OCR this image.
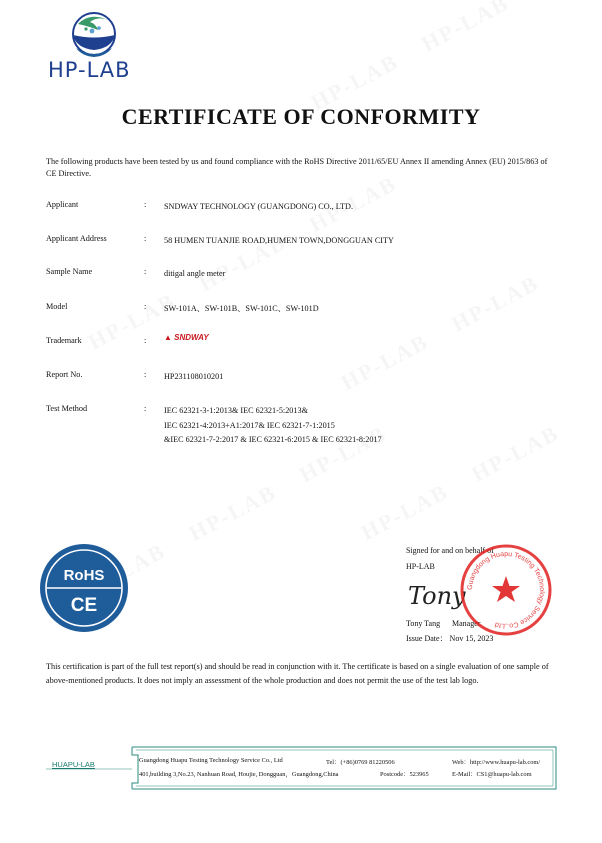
HP-LAB
CERTIFICATE OF CONFORMITY
The following products have been tested by us and found compliance with the RoHS Directive 2011/65/EU Annex II amending Annex (EU) 2015/863 of CE Directive.
Applicant	: SNDWAY TECHNOLOGY (GUANGDONG) CO., LTD.
Applicant Address	: 58 HUMEN TUANJIE ROAD,HUMEN TOWN,DONGGUAN CITY
Sample Name	: ditigal angle meter
Model	: SW-101A、SW-101B、SW-101C、SW-101D
Trademark	: ▲ SNDWAY
Report No.	: HP231108010201
Test Method	: IEC 62321-3-1:2013& IEC 62321-5:2013&
IEC 62321-4:2013+A1:2017& IEC 62321-7-1:2015
&IEC 62321-7-2:2017 & IEC 62321-6:2015 & IEC 62321-8:2017
RoHS
CE
Signed for and on behalf of
HP-LAB
Tony
Tony Tang Manager
Issue Date： Nov 15, 2023
Guangdong Huapu Testing Technology Service Co.,Ltd
This certification is part of the full test report(s) and should be read in conjunction with it. The certificate is based on a single evaluation of one sample of above-mentioned products. It does not imply an assessment of the whole production and does not permit the use of the test lab logo.
HUAPU-LAB	Guangdong Huapu Testing Technology Service Co., Ltd	Tel：(+86)0769 81220506	Web：http://www.huapu-lab.com/
401,building 3,No.23, Nanhuan Road, Houjie, Dongguan，Guangdong,China	Postcode：523965	E-Mail：CS1@huapu-lab.com
